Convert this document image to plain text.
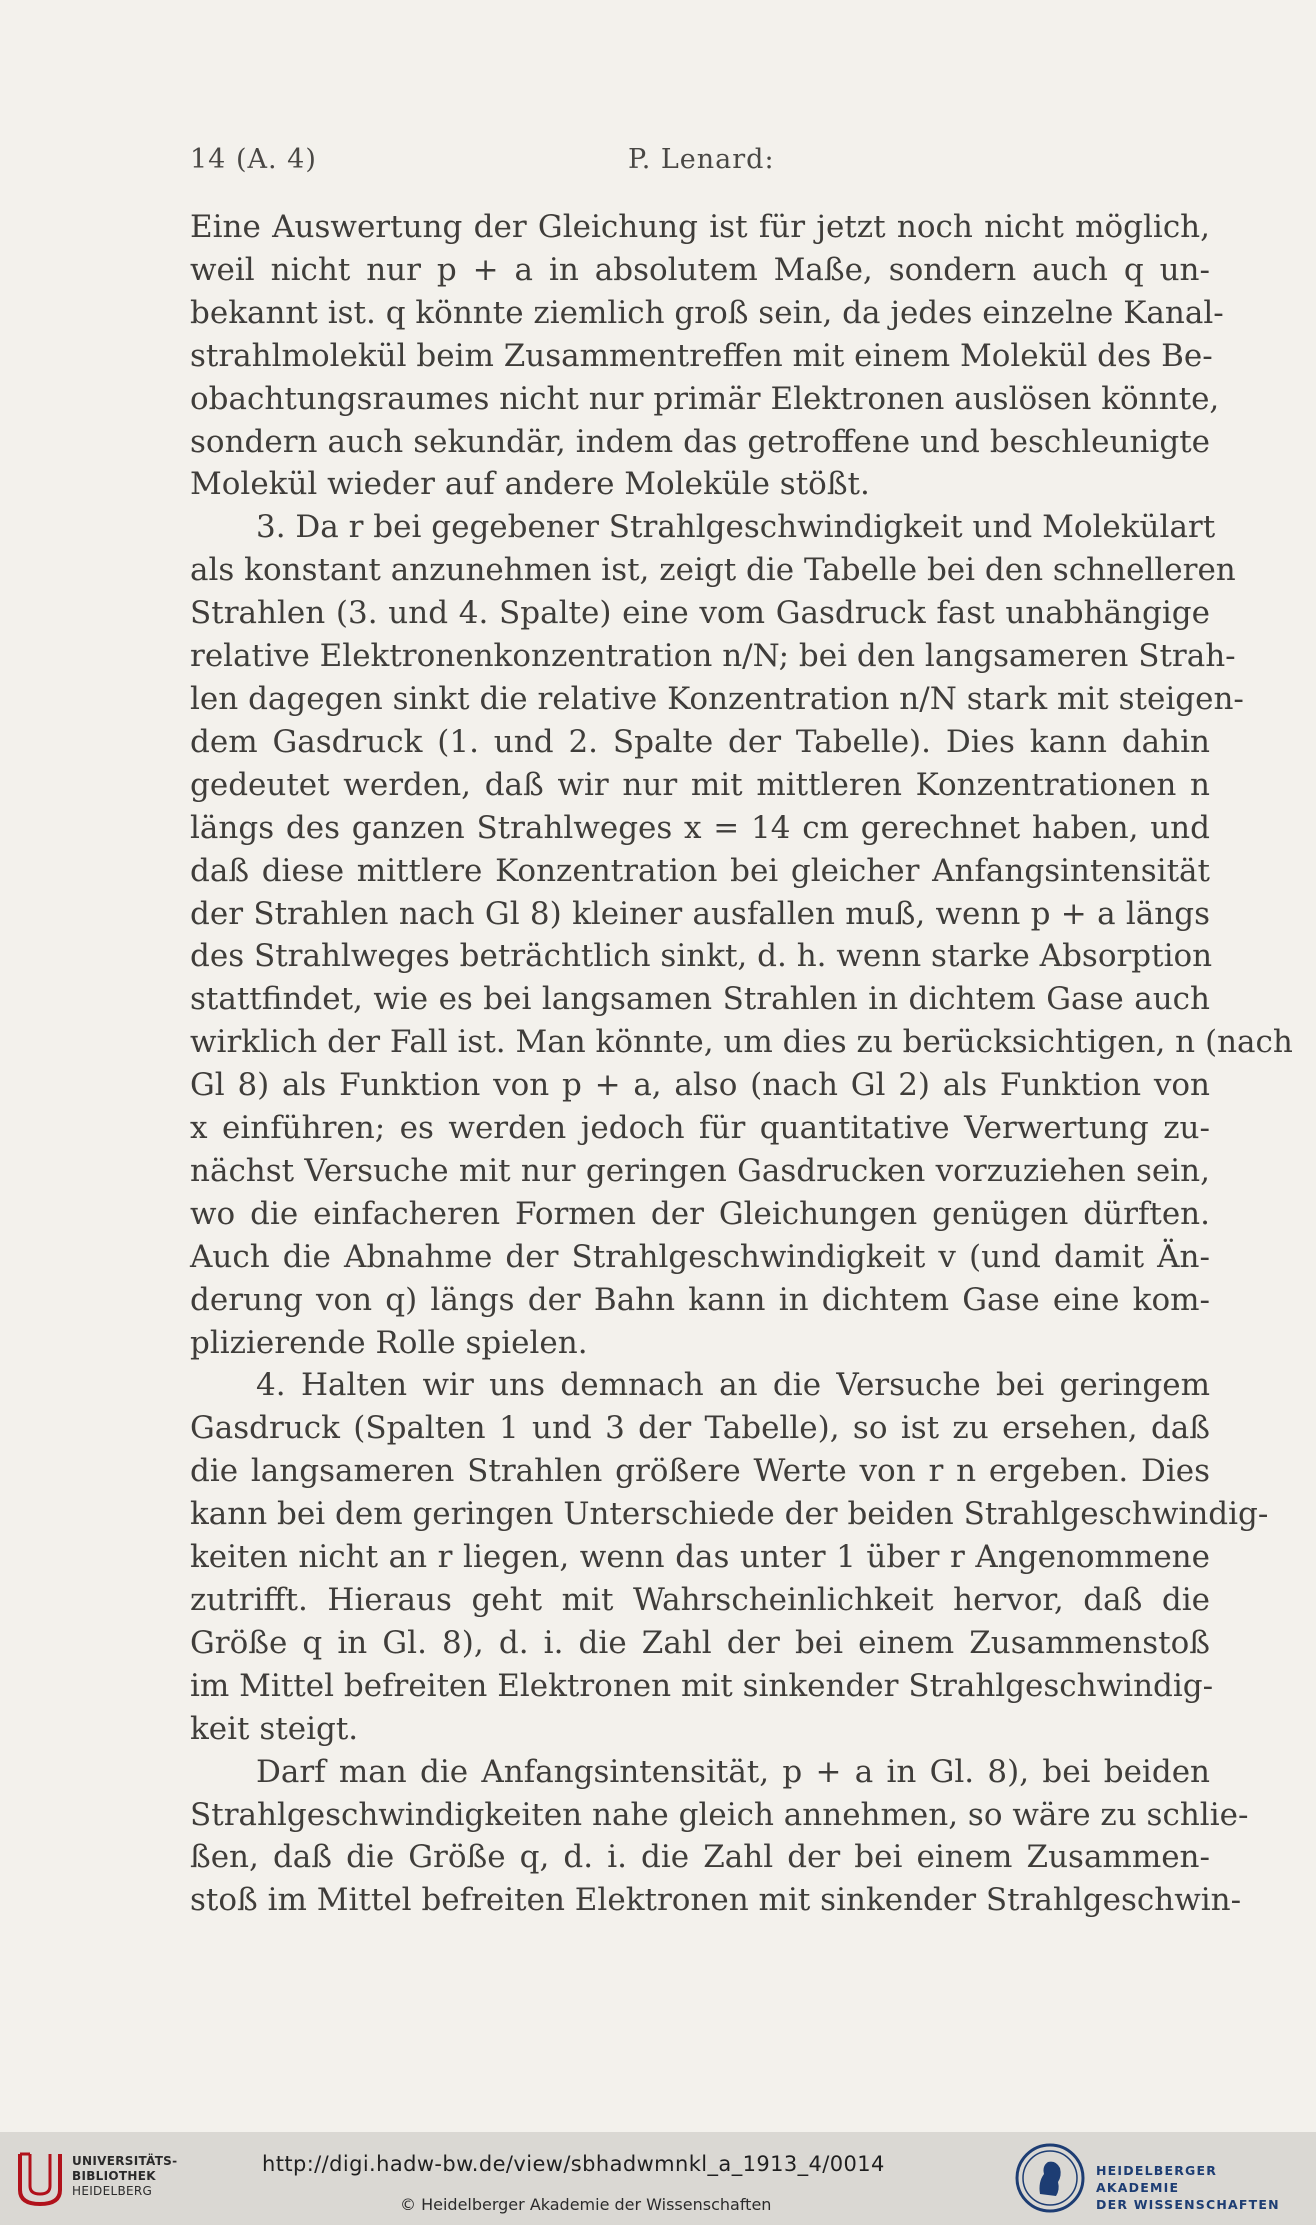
14 (A. 4)	P. Lenard:
Eine Auswertung der Gleichung ist für jetzt noch nicht möglich,
weil nicht nur p + a in absolutem Maße, sondern auch q un-
bekannt ist. q könnte ziemlich groß sein, da jedes einzelne Kanal-
strahlmolekül beim Zusammentreffen mit einem Molekül des Be-
obachtungsraumes nicht nur primär Elektronen auslösen könnte,
sondern auch sekundär, indem das getroffene und beschleunigte
Molekül wieder auf andere Moleküle stößt.
3. Da r bei gegebener Strahlgeschwindigkeit und Molekülart
als konstant anzunehmen ist, zeigt die Tabelle bei den schnelleren
Strahlen (3. und 4. Spalte) eine vom Gasdruck fast unabhängige
relative Elektronenkonzentration n/N; bei den langsameren Strah-
len dagegen sinkt die relative Konzentration n/N stark mit steigen-
dem Gasdruck (1. und 2. Spalte der Tabelle). Dies kann dahin
gedeutet werden, daß wir nur mit mittleren Konzentrationen n
längs des ganzen Strahlweges x = 14 cm gerechnet haben, und
daß diese mittlere Konzentration bei gleicher Anfangsintensität
der Strahlen nach Gl 8) kleiner ausfallen muß, wenn p + a längs
des Strahlweges beträchtlich sinkt, d. h. wenn starke Absorption
stattfindet, wie es bei langsamen Strahlen in dichtem Gase auch
wirklich der Fall ist. Man könnte, um dies zu berücksichtigen, n (nach
Gl 8) als Funktion von p + a, also (nach Gl 2) als Funktion von
x einführen; es werden jedoch für quantitative Verwertung zu-
nächst Versuche mit nur geringen Gasdrucken vorzuziehen sein,
wo die einfacheren Formen der Gleichungen genügen dürften.
Auch die Abnahme der Strahlgeschwindigkeit v (und damit Än-
derung von q) längs der Bahn kann in dichtem Gase eine kom-
plizierende Rolle spielen.
4. Halten wir uns demnach an die Versuche bei geringem
Gasdruck (Spalten 1 und 3 der Tabelle), so ist zu ersehen, daß
die langsameren Strahlen größere Werte von r n ergeben. Dies
kann bei dem geringen Unterschiede der beiden Strahlgeschwindig-
keiten nicht an r liegen, wenn das unter 1 über r Angenommene
zutrifft. Hieraus geht mit Wahrscheinlichkeit hervor, daß die
Größe q in Gl. 8), d. i. die Zahl der bei einem Zusammenstoß
im Mittel befreiten Elektronen mit sinkender Strahlgeschwindig-
keit steigt.
Darf man die Anfangsintensität, p + a in Gl. 8), bei beiden
Strahlgeschwindigkeiten nahe gleich annehmen, so wäre zu schlie-
ßen, daß die Größe q, d. i. die Zahl der bei einem Zusammen-
stoß im Mittel befreiten Elektronen mit sinkender Strahlgeschwin-
UNIVERSITÄTS-
BIBLIOTHEK
HEIDELBERG
http://digi.hadw-bw.de/view/sbhadwmnkl_a_1913_4/0014
© Heidelberger Akademie der Wissenschaften
HEIDELBERGER AKADEMIE
DER WISSENSCHAFTEN
